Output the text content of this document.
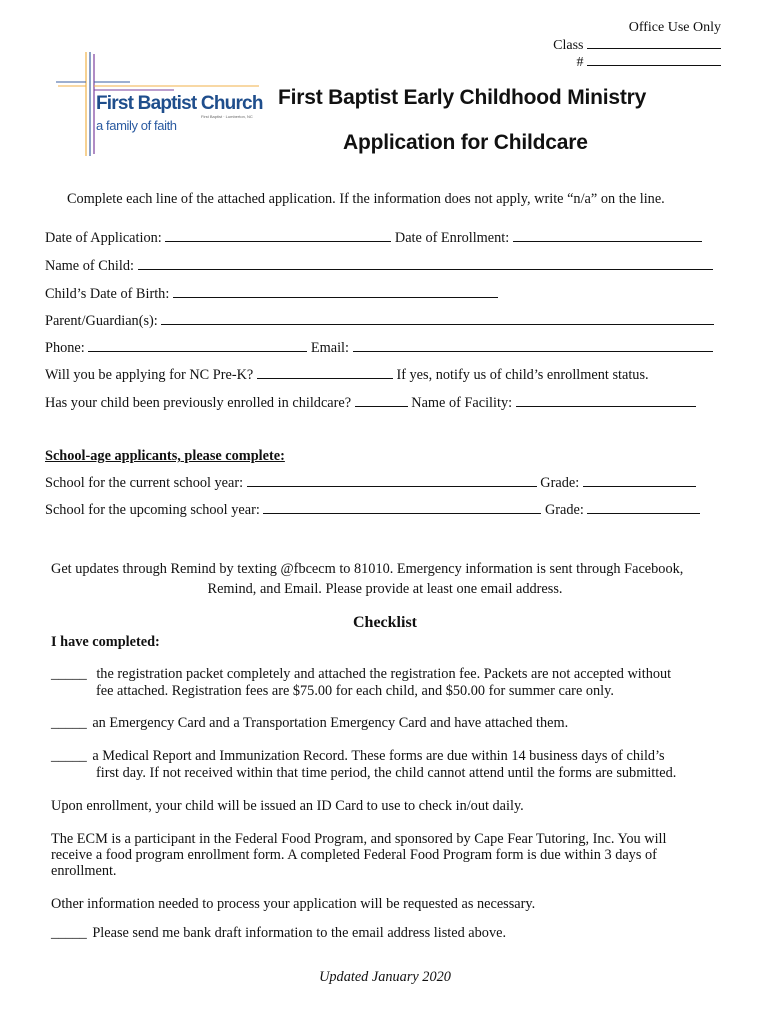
Office Use Only
Class
#
First Baptist Church
First Baptist · Lumberton, NC
a family of faith
First Baptist Early Childhood Ministry
Application for Childcare
Complete each line of the attached application. If the information does not apply, write “n/a” on the line.
Date of Application:	Date of Enrollment:
Name of Child:
Child’s Date of Birth:
Parent/Guardian(s):
Phone:	Email:
Will you be applying for NC Pre-K?	If yes, notify us of child’s enrollment status.
Has your child been previously enrolled in childcare?	Name of Facility:
School-age applicants, please complete:
School for the current school year:	Grade:
School for the upcoming school year:	Grade:
Get updates through Remind by texting @fbcecm to 81010. Emergency information is sent through Facebook,
Remind, and Email. Please provide at least one email address.
Checklist
I have completed:
_____ the registration packet completely and attached the registration fee. Packets are not accepted without
fee attached. Registration fees are $75.00 for each child, and $50.00 for summer care only.
_____ an Emergency Card and a Transportation Emergency Card and have attached them.
_____ a Medical Report and Immunization Record. These forms are due within 14 business days of child’s
first day. If not received within that time period, the child cannot attend until the forms are submitted.
Upon enrollment, your child will be issued an ID Card to use to check in/out daily.
The ECM is a participant in the Federal Food Program, and sponsored by Cape Fear Tutoring, Inc. You will
receive a food program enrollment form. A completed Federal Food Program form is due within 3 days of
enrollment.
Other information needed to process your application will be requested as necessary.
_____ Please send me bank draft information to the email address listed above.
Updated January 2020
